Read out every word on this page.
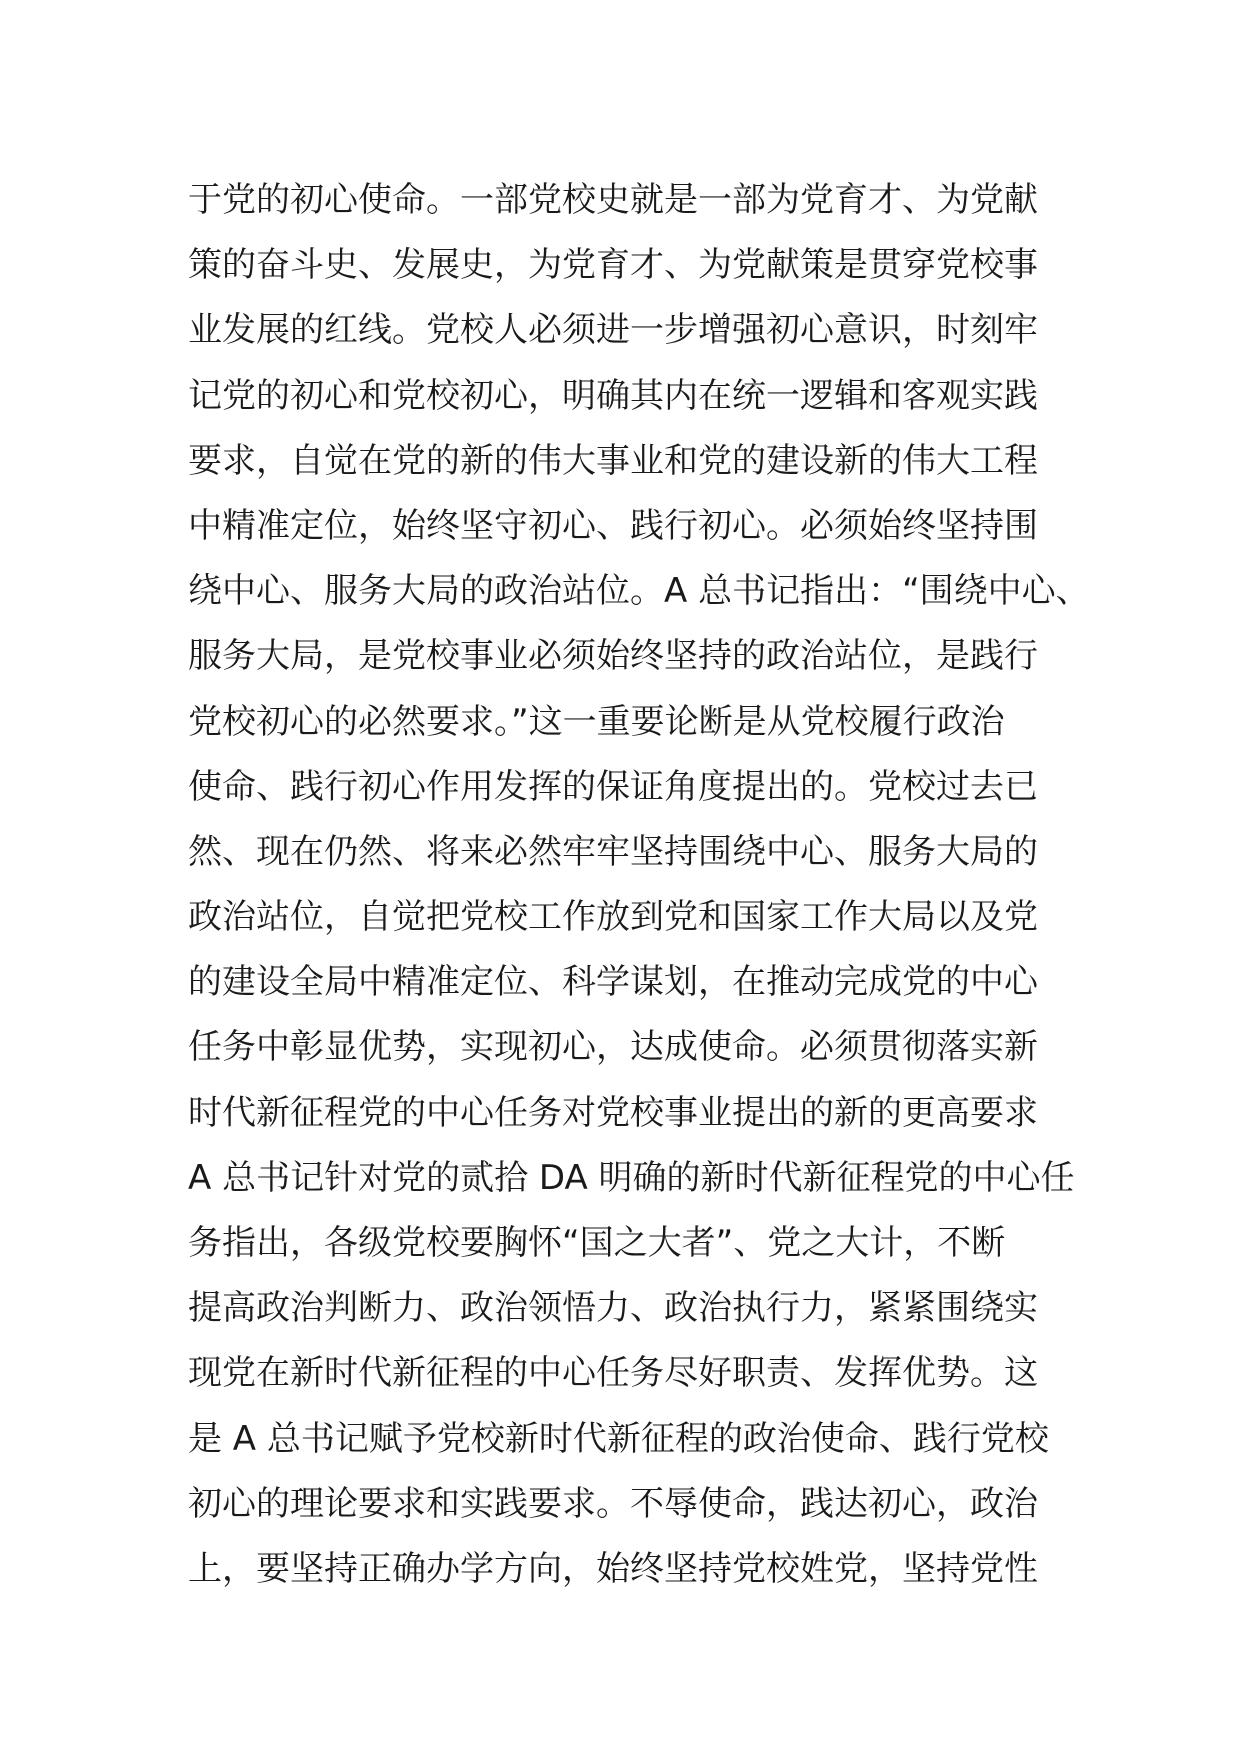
于党的初心使命。一部党校史就是一部为党育才、为党献
策的奋斗史、发展史，为党育才、为党献策是贯穿党校事
业发展的红线。党校人必须进一步增强初心意识，时刻牢
记党的初心和党校初心，明确其内在统一逻辑和客观实践
要求，自觉在党的新的伟大事业和党的建设新的伟大工程
中精准定位，始终坚守初心、践行初心。必须始终坚持围
绕中心、服务大局的政治站位。A 总书记指出：“围绕中心、
服务大局，是党校事业必须始终坚持的政治站位，是践行
党校初心的必然要求。”这一重要论断是从党校履行政治
使命、践行初心作用发挥的保证角度提出的。党校过去已
然、现在仍然、将来必然牢牢坚持围绕中心、服务大局的
政治站位，自觉把党校工作放到党和国家工作大局以及党
的建设全局中精准定位、科学谋划，在推动完成党的中心
任务中彰显优势，实现初心，达成使命。必须贯彻落实新
时代新征程党的中心任务对党校事业提出的新的更高要求
A 总书记针对党的贰拾 DA 明确的新时代新征程党的中心任
务指出，各级党校要胸怀“国之大者”、党之大计，不断
提高政治判断力、政治领悟力、政治执行力，紧紧围绕实
现党在新时代新征程的中心任务尽好职责、发挥优势。这
是 A 总书记赋予党校新时代新征程的政治使命、践行党校
初心的理论要求和实践要求。不辱使命，践达初心，政治
上，要坚持正确办学方向，始终坚持党校姓党，坚持党性
